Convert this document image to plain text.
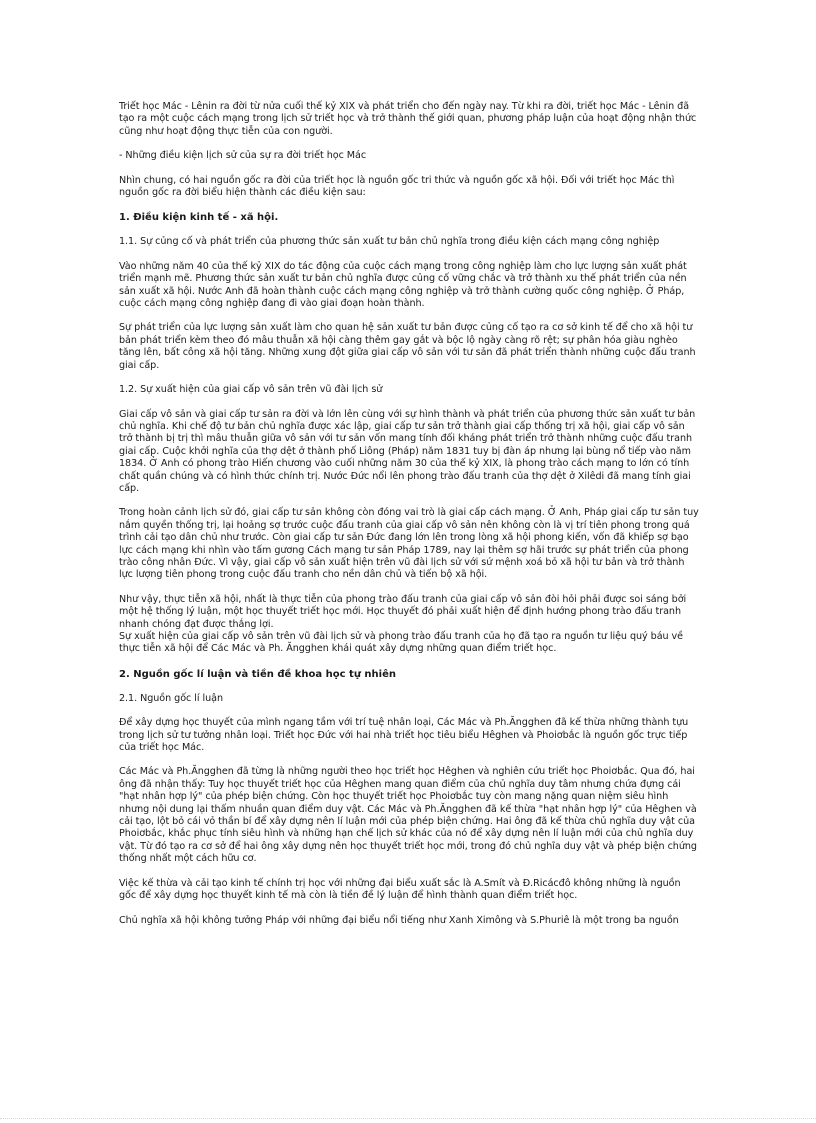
Triết học Mác - Lênin ra đời từ nửa cuối thế kỷ XIX và phát triển cho đến ngày nay. Từ khi ra đời, triết học Mác - Lênin đã tạo ra một cuộc cách mạng trong lịch sử triết học và trở thành thế giới quan, phương pháp luận của hoạt động nhận thức cũng như hoạt động thực tiễn của con người.

- Những điều kiện lịch sử của sự ra đời triết học Mác

Nhìn chung, có hai nguồn gốc ra đời của triết học là nguồn gốc tri thức và nguồn gốc xã hội. Đối với triết học Mác thì nguồn gốc ra đời biểu hiện thành các điều kiện sau:

1. Điều kiện kinh tế - xã hội.

1.1. Sự củng cố và phát triển của phương thức sản xuất tư bản chủ nghĩa trong điều kiện cách mạng công nghiệp

Vào những năm 40 của thế kỷ XIX do tác động của cuộc cách mạng trong công nghiệp làm cho lực lượng sản xuất phát triển mạnh mẽ. Phương thức sản xuất tư bản chủ nghĩa được củng cố vững chắc và trở thành xu thế phát triển của nền sản xuất xã hội. Nước Anh đã hoàn thành cuộc cách mạng công nghiệp và trở thành cường quốc công nghiệp. Ở Pháp, cuộc cách mạng công nghiệp đang đi vào giai đoạn hoàn thành.

Sự phát triển của lực lượng sản xuất làm cho quan hệ sản xuất tư bản được củng cố tạo ra cơ sở kinh tế để cho xã hội tư bản phát triển kèm theo đó mâu thuẫn xã hội càng thêm gay gắt và bộc lộ ngày càng rõ rệt; sự phân hóa giàu nghèo tăng lên, bất công xã hội tăng. Những xung đột giữa giai cấp vô sản với tư sản đã phát triển thành những cuộc đấu tranh giai cấp.

1.2. Sự xuất hiện của giai cấp vô sản trên vũ đài lịch sử

Giai cấp vô sản và giai cấp tư sản ra đời và lớn lên cùng với sự hình thành và phát triển của phương thức sản xuất tư bản chủ nghĩa. Khi chế độ tư bản chủ nghĩa được xác lập, giai cấp tư sản trở thành giai cấp thống trị xã hội, giai cấp vô sản trở thành bị trị thì mâu thuẫn giữa vô sản với tư sản vốn mang tính đối kháng phát triển trở thành những cuộc đấu tranh giai cấp. Cuộc khởi nghĩa của thợ dệt ở thành phố Liông (Pháp) năm 1831 tuy bị đàn áp nhưng lại bùng nổ tiếp vào năm 1834. Ở Anh có phong trào Hiến chương vào cuối những năm 30 của thế kỷ XIX, là phong trào cách mạng to lớn có tính chất quần chúng và có hình thức chính trị. Nước Đức nổi lên phong trào đấu tranh của thợ dệt ở Xilêdi đã mang tính giai cấp.

Trong hoàn cảnh lịch sử đó, giai cấp tư sản không còn đóng vai trò là giai cấp cách mạng. Ở Anh, Pháp giai cấp tư sản tuy nắm quyền thống trị, lại hoảng sợ trước cuộc đấu tranh của giai cấp vô sản nên không còn là vị trí tiên phong trong quá trình cải tạo dân chủ như trước. Còn giai cấp tư sản Đức đang lớn lên trong lòng xã hội phong kiến, vốn đã khiếp sợ bạo lực cách mạng khi nhìn vào tấm gương Cách mạng tư sản Pháp 1789, nay lại thêm sợ hãi trước sự phát triển của phong trào công nhân Đức. Vì vậy, giai cấp vô sản xuất hiện trên vũ đài lịch sử với sứ mệnh xoá bỏ xã hội tư bản và trở thành lực lượng tiên phong trong cuộc đấu tranh cho nền dân chủ và tiến bộ xã hội.

Như vậy, thực tiễn xã hội, nhất là thực tiễn của phong trào đấu tranh của giai cấp vô sản đòi hỏi phải được soi sáng bởi một hệ thống lý luận, một học thuyết triết học mới. Học thuyết đó phải xuất hiện để định hướng phong trào đấu tranh nhanh chóng đạt được thắng lợi.

Sự xuất hiện của giai cấp vô sản trên vũ đài lịch sử và phong trào đấu tranh của họ đã tạo ra nguồn tư liệu quý báu về thực tiễn xã hội để Các Mác và Ph. Ăngghen khái quát xây dựng những quan điểm triết học.

2. Nguồn gốc lí luận và tiền đề khoa học tự nhiên

2.1. Nguồn gốc lí luận

Để xây dựng học thuyết của mình ngang tầm với trí tuệ nhân loại, Các Mác và Ph.Ăngghen đã kế thừa những thành tựu trong lịch sử tư tưởng nhân loại. Triết học Đức với hai nhà triết học tiêu biểu Hêghen và Phoiơbắc là nguồn gốc trực tiếp của triết học Mác.

Các Mác và Ph.Ăngghen đã từng là những người theo học triết học Hêghen và nghiên cứu triết học Phoiơbắc. Qua đó, hai ông đã nhận thấy: Tuy học thuyết triết học của Hêghen mang quan điểm của chủ nghĩa duy tâm nhưng chứa đựng cái "hạt nhân hợp lý" của phép biện chứng. Còn học thuyết triết học Phoiơbắc tuy còn mang nặng quan niệm siêu hình nhưng nội dung lại thấm nhuần quan điểm duy vật. Các Mác và Ph.Ăngghen đã kế thừa "hạt nhân hợp lý" của Hêghen và cải tạo, lột bỏ cái vỏ thần bí để xây dựng nên lí luận mới của phép biện chứng. Hai ông đã kế thừa chủ nghĩa duy vật của Phoiơbắc, khắc phục tính siêu hình và những hạn chế lịch sử khác của nó để xây dựng nên lí luận mới của chủ nghĩa duy vật. Từ đó tạo ra cơ sở để hai ông xây dựng nên học thuyết triết học mới, trong đó chủ nghĩa duy vật và phép biện chứng thống nhất một cách hữu cơ.

Việc kế thừa và cải tạo kinh tế chính trị học với những đại biểu xuất sắc là A.Smít và Đ.Ricácđô không những là nguồn gốc để xây dựng học thuyết kinh tế mà còn là tiền đề lý luận để hình thành quan điểm triết học.

Chủ nghĩa xã hội không tưởng Pháp với những đại biểu nổi tiếng như Xanh Ximông và S.Phuriê là một trong ba nguồn
